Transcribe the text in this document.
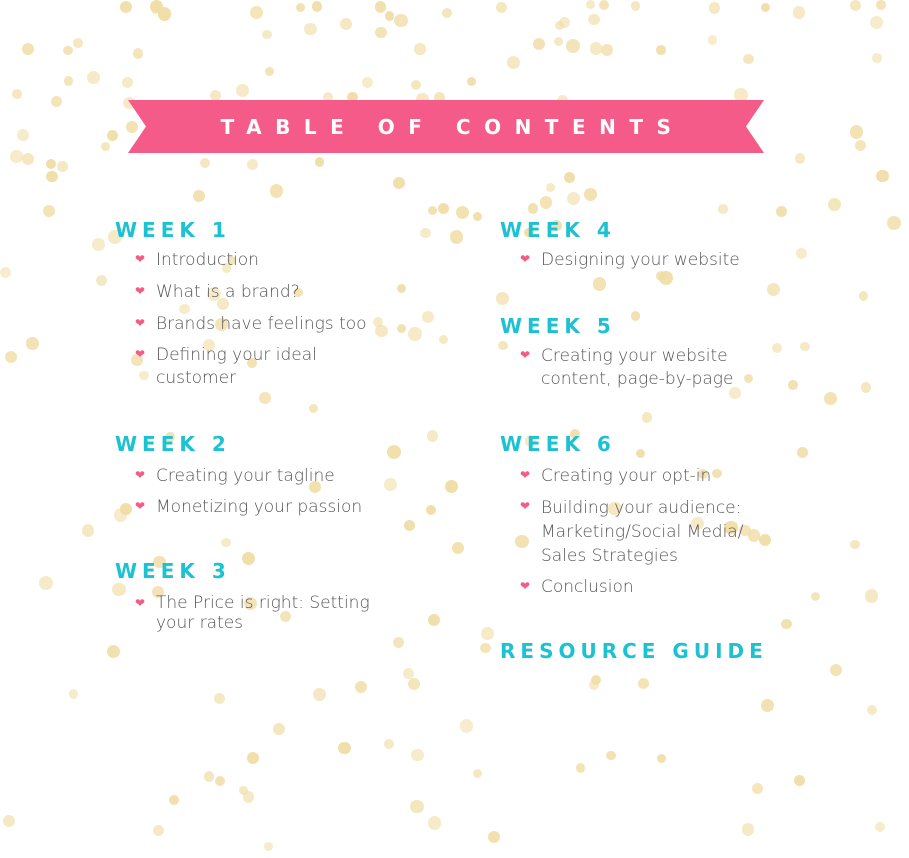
TABLE OF CONTENTS
WEEK 1
❤ Introduction
❤ What is a brand?
❤ Brands have feelings too
❤ Defining your ideal customer
WEEK 2
❤ Creating your tagline
❤ Monetizing your passion
WEEK 3
❤ The Price is right: Setting your rates
WEEK 4
❤ Designing your website
WEEK 5
❤ Creating your website content, page-by-page
WEEK 6
❤ Creating your opt-in
❤ Building your audience: Marketing/Social Media/ Sales Strategies
❤ Conclusion
RESOURCE GUIDE
